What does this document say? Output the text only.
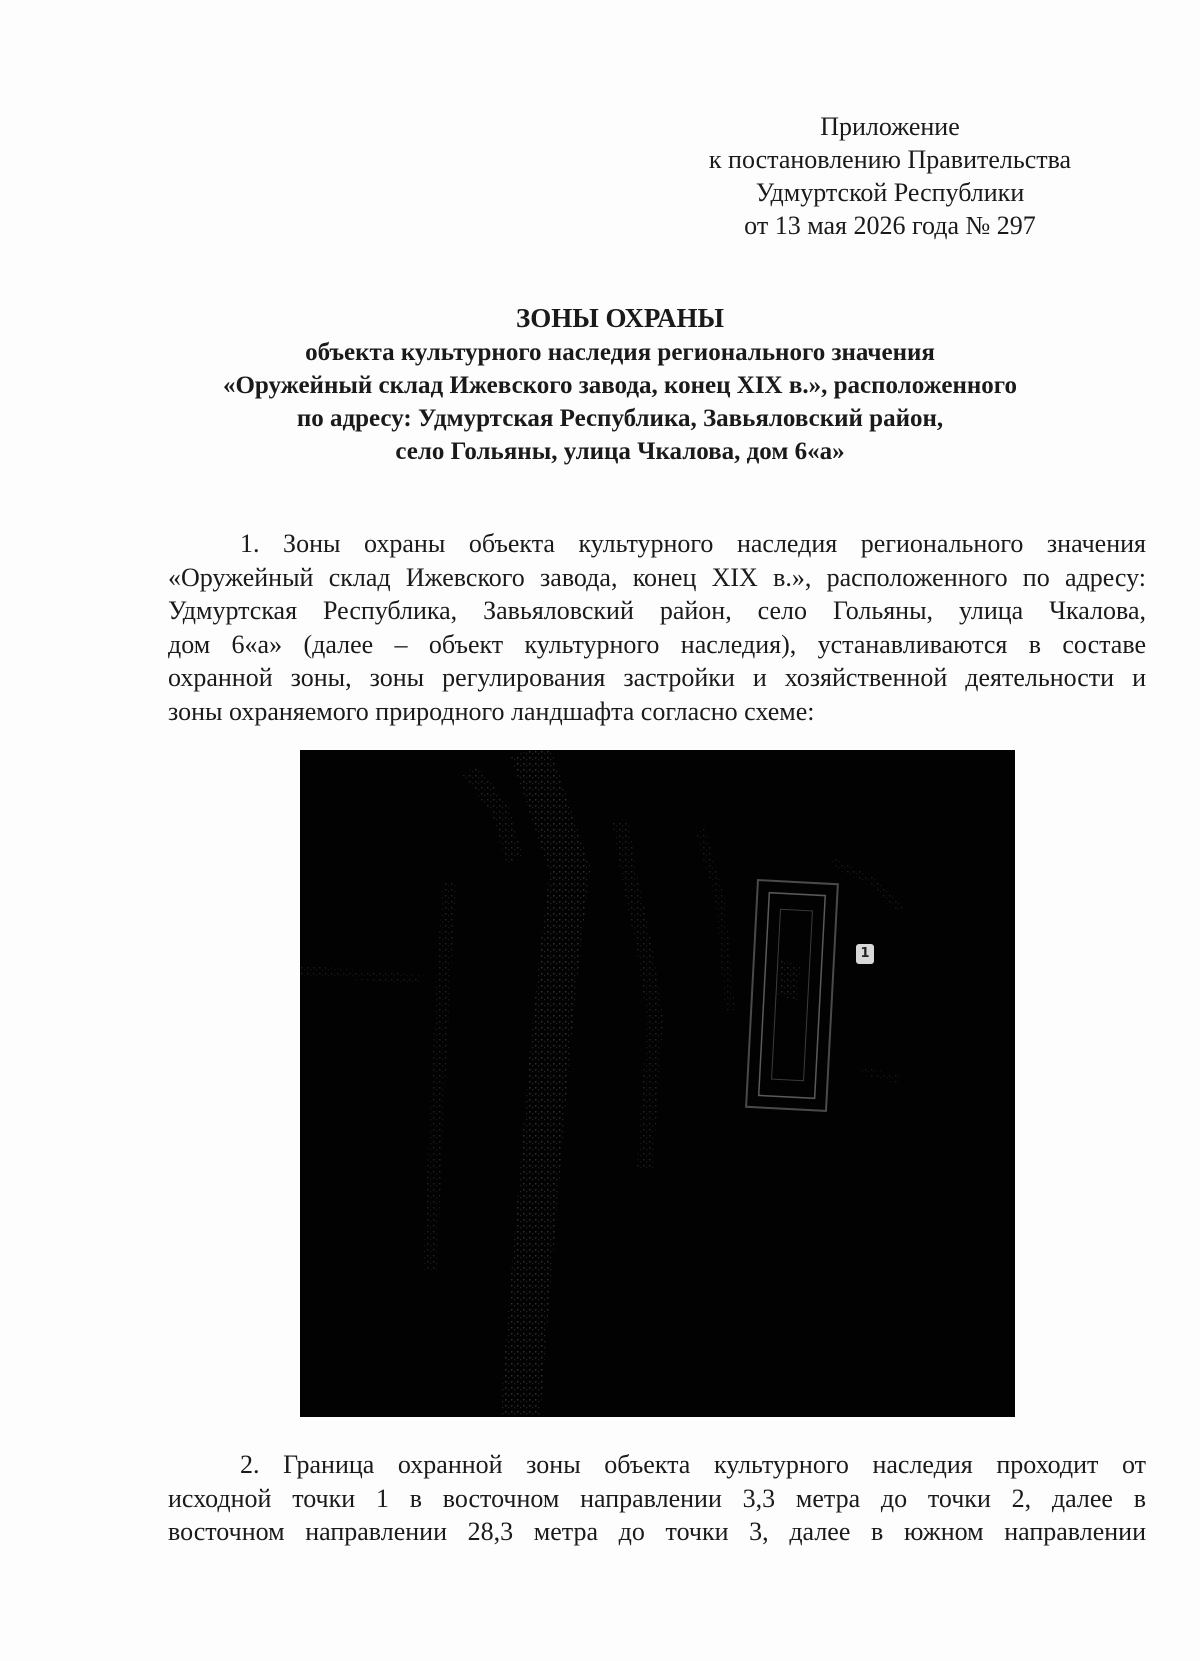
Приложение
к постановлению Правительства
Удмуртской Республики
от 13 мая 2026 года № 297
ЗОНЫ ОХРАНЫ
объекта культурного наследия регионального значения
«Оружейный склад Ижевского завода, конец XIX в.», расположенного
по адресу: Удмуртская Республика, Завьяловский район,
село Гольяны, улица Чкалова, дом 6«а»
1. Зоны охраны объекта культурного наследия регионального значения
«Оружейный склад Ижевского завода, конец XIX в.», расположенного по адресу:
Удмуртская Республика, Завьяловский район, село Гольяны, улица Чкалова,
дом 6«а» (далее – объект культурного наследия), устанавливаются в составе
охранной зоны, зоны регулирования застройки и хозяйственной деятельности и
зоны охраняемого природного ландшафта согласно схеме:
1
2. Граница охранной зоны объекта культурного наследия проходит от
исходной точки 1 в восточном направлении 3,3 метра до точки 2, далее в
восточном направлении 28,3 метра до точки 3, далее в южном направлении
